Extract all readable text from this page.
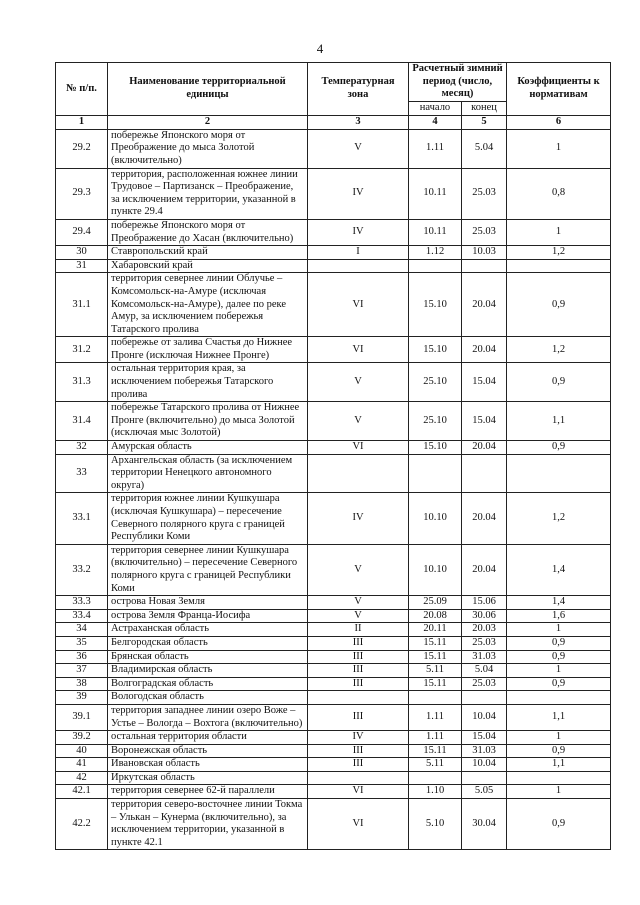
4
№ п/п.	Наименование территориальной единицы	Температурная зона	Расчетный зимний период (число, месяц)		Коэффициенты к нормативам
			начало	конец	
1	2	3	4	5	6
29.2	побережье Японского моря от Преображение до мыса Золотой (включительно)	V	1.11	5.04	1
29.3	территория, расположенная южнее линии Трудовое – Партизанск – Преображение, за исключением территории, указанной в пункте 29.4	IV	10.11	25.03	0,8
29.4	побережье Японского моря от Преображение до Хасан (включительно)	IV	10.11	25.03	1
30	Ставропольский край	I	1.12	10.03	1,2
31	Хабаровский край				
31.1	территория севернее линии Облучье – Комсомольск-на-Амуре (исключая Комсомольск-на-Амуре), далее по реке Амур, за исключением побережья Татарского пролива	VI	15.10	20.04	0,9
31.2	побережье от залива Счастья до Нижнее Пронге (исключая Нижнее Пронге)	VI	15.10	20.04	1,2
31.3	остальная территория края, за исключением побережья Татарского пролива	V	25.10	15.04	0,9
31.4	побережье Татарского пролива от Нижнее Пронге (включительно) до мыса Золотой (исключая мыс Золотой)	V	25.10	15.04	1,1
32	Амурская область	VI	15.10	20.04	0,9
33	Архангельская область (за исключением территории Ненецкого автономного округа)				
33.1	территория южнее линии Кушкушара (исключая Кушкушара) – пересечение Северного полярного круга с границей Республики Коми	IV	10.10	20.04	1,2
33.2	территория севернее линии Кушкушара (включительно) – пересечение Северного полярного круга с границей Республики Коми	V	10.10	20.04	1,4
33.3	острова Новая Земля	V	25.09	15.06	1,4
33.4	острова Земля Франца-Иосифа	V	20.08	30.06	1,6
34	Астраханская область	II	20.11	20.03	1
35	Белгородская область	III	15.11	25.03	0,9
36	Брянская область	III	15.11	31.03	0,9
37	Владимирская область	III	5.11	5.04	1
38	Волгоградская область	III	15.11	25.03	0,9
39	Вологодская область				
39.1	территория западнее линии озеро Воже – Устье – Вологда – Вохтога (включительно)	III	1.11	10.04	1,1
39.2	остальная территория области	IV	1.11	15.04	1
40	Воронежская область	III	15.11	31.03	0,9
41	Ивановская область	III	5.11	10.04	1,1
42	Иркутская область				
42.1	территория севернее 62-й параллели	VI	1.10	5.05	1
42.2	территория северо-восточнее линии Токма – Улькан – Кунерма (включительно), за исключением территории, указанной в пункте 42.1	VI	5.10	30.04	0,9
